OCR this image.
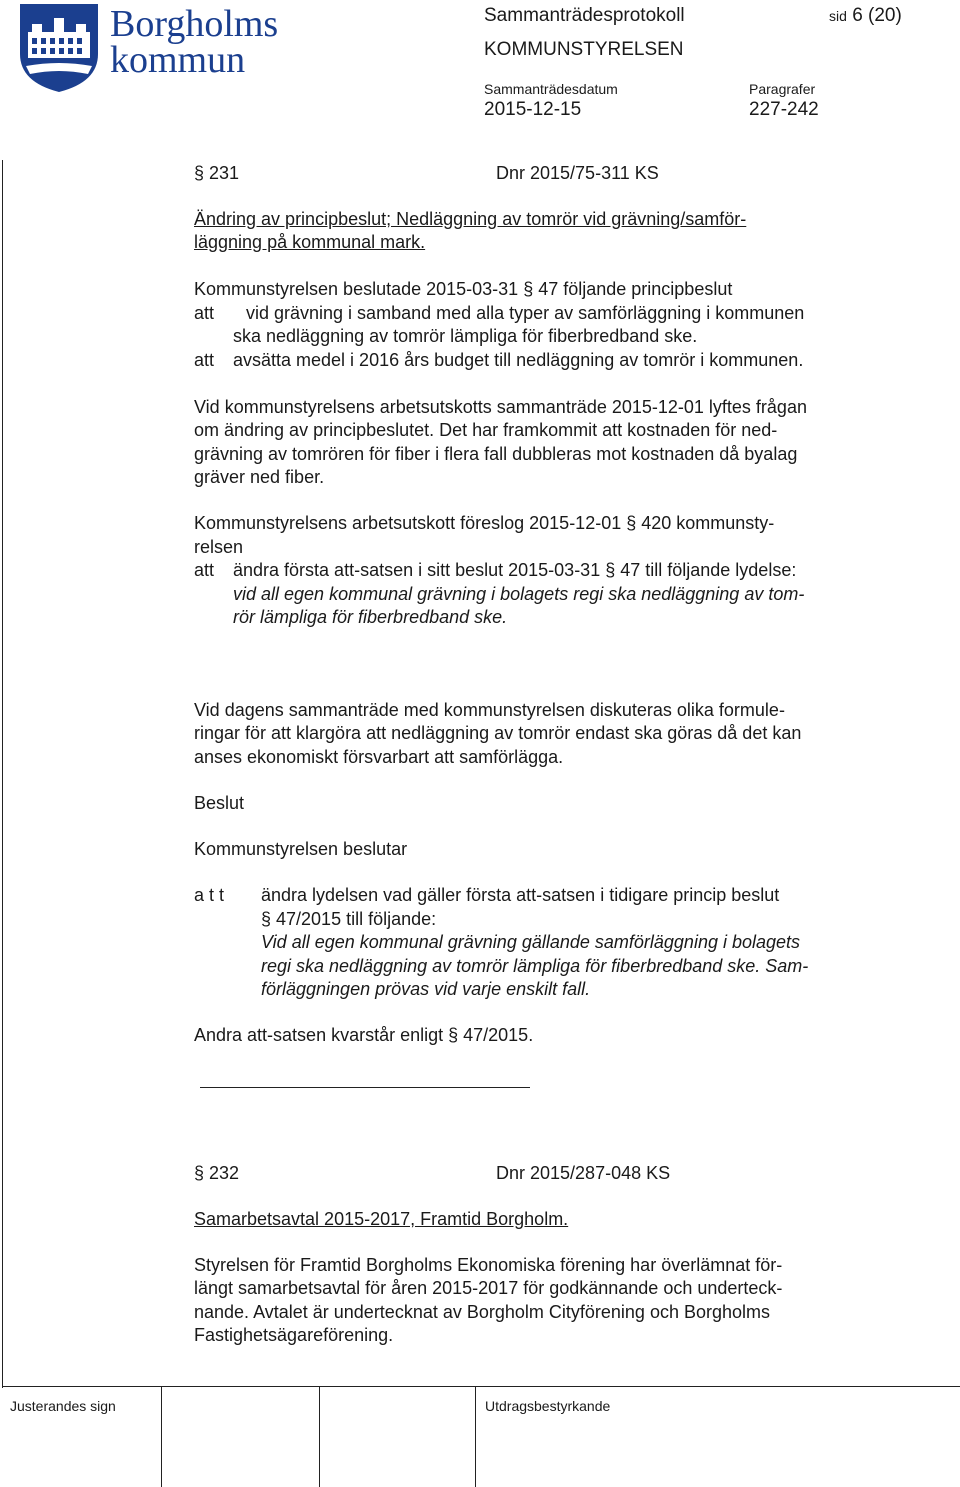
Borgholms
kommun
Sammanträdesprotokoll	sid 6 (20)
KOMMUNSTYRELSEN
Sammanträdesdatum
2015-12-15
Paragrafer
227-242
§ 231	Dnr 2015/75-311 KS
Ändring av principbeslut; Nedläggning av tomrör vid grävning/samför-
läggning på kommunal mark.
Kommunstyrelsen beslutade 2015-03-31 § 47 följande principbeslut
att vid grävning i samband med alla typer av samförläggning i kommunen
ska nedläggning av tomrör lämpliga för fiberbredband ske.
att avsätta medel i 2016 års budget till nedläggning av tomrör i kommunen.
Vid kommunstyrelsens arbetsutskotts sammanträde 2015-12-01 lyftes frågan
om ändring av principbeslutet. Det har framkommit att kostnaden för ned-
grävning av tomrören för fiber i flera fall dubbleras mot kostnaden då byalag
gräver ned fiber.
Kommunstyrelsens arbetsutskott föreslog 2015-12-01 § 420 kommunsty-
relsen
att ändra första att-satsen i sitt beslut 2015-03-31 § 47 till följande lydelse:
vid all egen kommunal grävning i bolagets regi ska nedläggning av tom-
rör lämpliga för fiberbredband ske.
Vid dagens sammanträde med kommunstyrelsen diskuteras olika formule-
ringar för att klargöra att nedläggning av tomrör endast ska göras då det kan
anses ekonomiskt försvarbart att samförlägga.
Beslut
Kommunstyrelsen beslutar
a t t ändra lydelsen vad gäller första att-satsen i tidigare princip beslut
§ 47/2015 till följande:
Vid all egen kommunal grävning gällande samförläggning i bolagets
regi ska nedläggning av tomrör lämpliga för fiberbredband ske. Sam-
förläggningen prövas vid varje enskilt fall.
Andra att-satsen kvarstår enligt § 47/2015.
§ 232	Dnr 2015/287-048 KS
Samarbetsavtal 2015-2017, Framtid Borgholm.
Styrelsen för Framtid Borgholms Ekonomiska förening har överlämnat för-
längt samarbetsavtal för åren 2015-2017 för godkännande och underteck-
nande. Avtalet är undertecknat av Borgholm Cityförening och Borgholms
Fastighetsägareförening.
Justerandes sign	Utdragsbestyrkande
